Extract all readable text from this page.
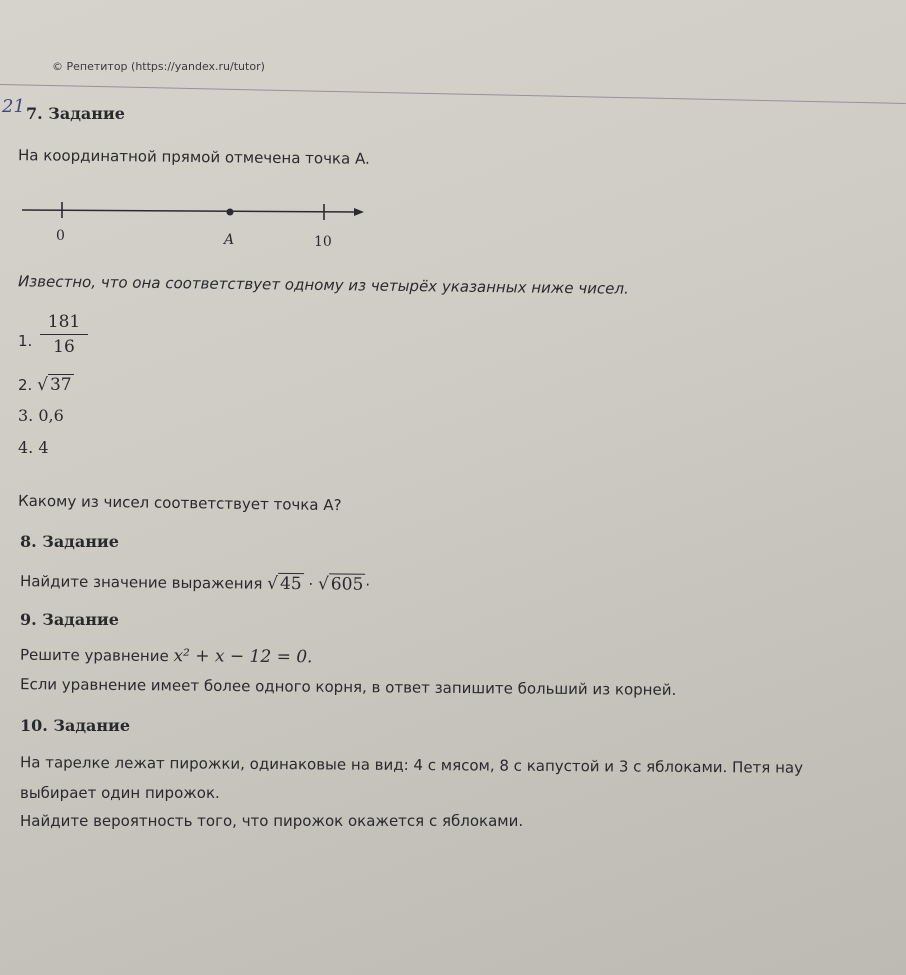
21
© Репетитор (https://yandex.ru/tutor)
7. Задание
На координатной прямой отмечена точка A.
0	A	10
Известно, что она соответствует одному из четырёх указанных ниже чисел.
1.
181
16
2. √ 37
3. 0,6
4. 4
Какому из чисел соответствует точка A?
8. Задание
Найдите значение выражения √ 45 · √ 605 ·
9. Задание
Решите уравнение x² + x − 12 = 0.
Если уравнение имеет более одного корня, в ответ запишите больший из корней.
10. Задание
На тарелке лежат пирожки, одинаковые на вид: 4 с мясом, 8 с капустой и 3 с яблоками. Петя нау
выбирает один пирожок.
Найдите вероятность того, что пирожок окажется с яблоками.
